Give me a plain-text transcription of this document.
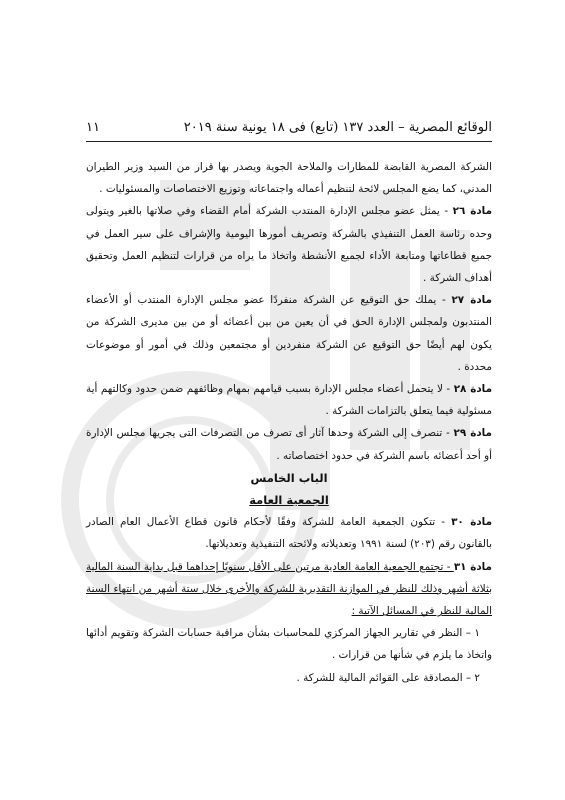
الوقائع المصرية – العدد ١٣٧ (تابع) فى ١٨ يونية سنة ٢٠١٩
١١

الشركة المصرية القابضة للمطارات والملاحة الجوية ويصدر بها قرار من السيد وزير الطيران المدني، كما يضع المجلس لائحة لتنظيم أعماله واجتماعاته وتوزيع الاختصاصات والمسئوليات .

مادة ٢٦ - يمثل عضو مجلس الإدارة المنتدب الشركة أمام القضاء وفي صلاتها بالغير ويتولى وحده رئاسة العمل التنفيذي بالشركة وتصريف أمورها اليومية والإشراف على سير العمل في جميع قطاعاتها ومتابعة الأداء لجميع الأنشطة واتخاذ ما يراه من قرارات لتنظيم العمل وتحقيق أهداف الشركة .

مادة ٢٧ - يملك حق التوقيع عن الشركة منفردًا عضو مجلس الإدارة المنتدب أو الأعضاء المنتدبون ولمجلس الإدارة الحق في أن يعين من بين أعضائه أو من بين مديرى الشركة من يكون لهم أيضًا حق التوقيع عن الشركة منفردين أو مجتمعين وذلك في أمور أو موضوعات محددة .

مادة ٢٨ - لا يتحمل أعضاء مجلس الإدارة بسبب قيامهم بمهام وظائفهم ضمن حدود وكالتهم أية مسئولية فيما يتعلق بالتزامات الشركة .

مادة ٢٩ - تنصرف إلى الشركة وحدها آثار أى تصرف من التصرفات التى يجريها مجلس الإدارة أو أحد أعضائه باسم الشركة في حدود اختصاصاته .

الباب الخامس

الجمعية العامة

مادة ٣٠ - تتكون الجمعية العامة للشركة وفقًا لأحكام قانون قطاع الأعمال العام الصادر بالقانون رقم (٢٠٣) لسنة ١٩٩١ وتعديلاته ولائحته التنفيذية وتعديلاتها.

مادة ٣١ - تجتمع الجمعية العامة العادية مرتين على الأقل سنويًا إحداهما قبل بداية السنة المالية بثلاثة أشهر وذلك للنظر في الموازنة التقديرية للشركة والأخرى خلال ستة أشهر من انتهاء السنة المالية للنظر في المسائل الآتية :

١ – النظر في تقارير الجهاز المركزي للمحاسبات بشأن مراقبة حسابات الشركة وتقويم أدائها واتخاذ ما يلزم في شأنها من قرارات .

٢ – المصادقة على القوائم المالية للشركة .
